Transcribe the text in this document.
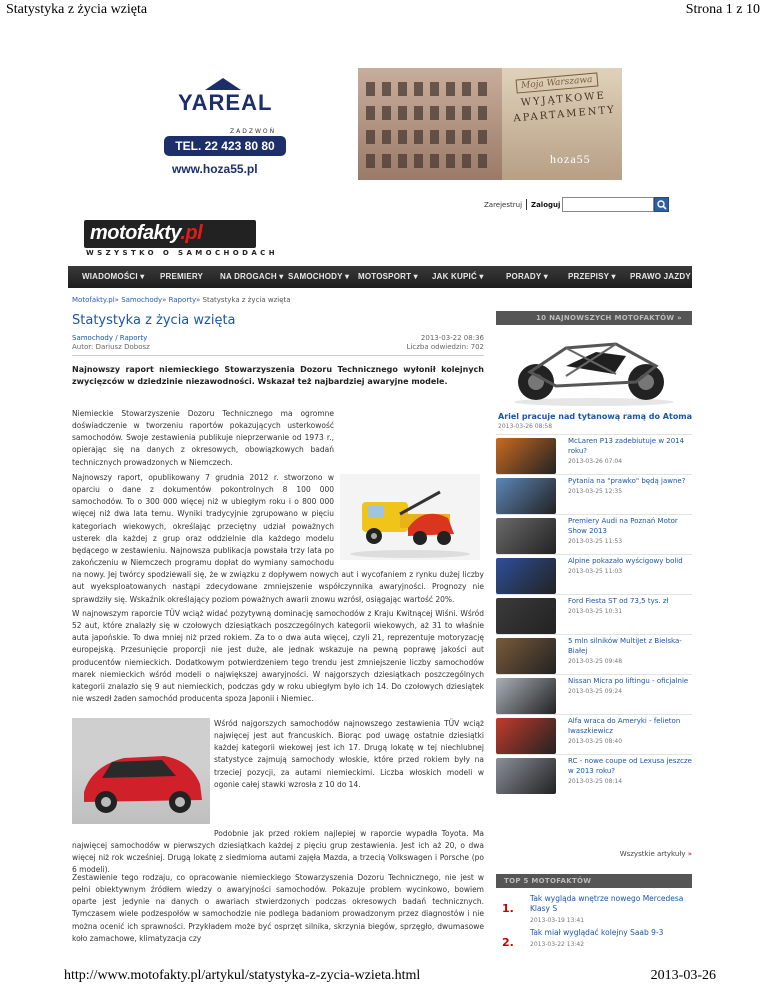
Statystyka z życia wzięta	Strona 1 z 10
YAREAL
ZADZWOŃ
TEL. 22 423 80 80
www.hoza55.pl
Moja Warszawa
WYJĄTKOWE APARTAMENTY
hoza55
Zarejestruj Zaloguj
motofakty.pl
WSZYSTKO O SAMOCHODACH
WIADOMOŚCI ▾ PREMIERY NA DROGACH ▾ SAMOCHODY ▾ MOTOSPORT ▾ JAK KUPIĆ ▾	PORADY ▾	PRZEPISY ▾ PRAWO JAZDY
Motofakty.pl» Samochody» Raporty» Statystyka z życia wzięta
Statystyka z życia wzięta
Samochody / Raporty
Autor: Dariusz Dobosz
2013-03-22 08:36
Liczba odwiedzin: 702
Najnowszy raport niemieckiego Stowarzyszenia Dozoru Technicznego wyłonił kolejnych zwycięzców w dziedzinie niezawodności. Wskazał też najbardziej awaryjne modele.
Niemieckie Stowarzyszenie Dozoru Technicznego ma ogromne doświadczenie w tworzeniu raportów pokazujących usterkowość samochodów. Swoje zestawienia publikuje nieprzerwanie od 1973 r., opierając się na danych z okresowych, obowiązkowych badań technicznych prowadzonych w Niemczech.
Najnowszy raport, opublikowany 7 grudnia 2012 r. stworzono w oparciu o dane z dokumentów pokontrolnych 8 100 000 samochodów. To o 300 000 więcej niż w ubiegłym roku i o 800 000 więcej niż dwa lata temu. Wyniki tradycyjnie zgrupowano w pięciu kategoriach wiekowych, określając przeciętny udział poważnych usterek dla każdej z grup oraz oddzielnie dla każdego modelu będącego w zestawieniu. Najnowsza publikacja powstała trzy lata po zakończeniu w Niemczech programu dopłat do wymiany samochodu na nowy. Jej twórcy spodziewali się, że w związku z dopływem nowych aut i wycofaniem z rynku dużej liczby aut wyeksploatowanych nastąpi zdecydowane zmniejszenie współczynnika awaryjności. Prognozy nie sprawdziły się. Wskaźnik określający poziom poważnych awarii znowu wzrósł, osiągając wartość 20%.
W najnowszym raporcie TÜV wciąż widać pozytywną dominację samochodów z Kraju Kwitnącej Wiśni. Wśród 52 aut, które znalazły się w czołowych dziesiątkach poszczególnych kategorii wiekowych, aż 31 to właśnie auta japońskie. To dwa mniej niż przed rokiem. Za to o dwa auta więcej, czyli 21, reprezentuje motoryzację europejską. Przesunięcie proporcji nie jest duże, ale jednak wskazuje na pewną poprawę jakości aut producentów niemieckich. Dodatkowym potwierdzeniem tego trendu jest zmniejszenie liczby samochodów marek niemieckich wśród modeli o największej awaryjności. W najgorszych dziesiątkach poszczególnych kategorii znalazło się 9 aut niemieckich, podczas gdy w roku ubiegłym było ich 14. Do czołowych dziesiątek nie wszedł żaden samochód producenta spoza Japonii i Niemiec.
Wśród najgorszych samochodów najnowszego zestawienia TÜV wciąż najwięcej jest aut francuskich. Biorąc pod uwagę ostatnie dziesiątki każdej kategorii wiekowej jest ich 17. Drugą lokatę w tej niechlubnej statystyce zajmują samochody włoskie, które przed rokiem były na trzeciej pozycji, za autami niemieckimi. Liczba włoskich modeli w ogonie całej stawki wzrosła z 10 do 14.
Podobnie jak przed rokiem najlepiej w raporcie wypadła Toyota. Ma najwięcej samochodów w pierwszych dziesiątkach każdej z pięciu grup zestawienia. Jest ich aż 20, o dwa więcej niż rok wcześniej. Drugą lokatę z siedmioma autami zajęła Mazda, a trzecią Volkswagen i Porsche (po 6 modeli).
Zestawienie tego rodzaju, co opracowanie niemieckiego Stowarzyszenia Dozoru Technicznego, nie jest w pełni obiektywnym źródłem wiedzy o awaryjności samochodów. Pokazuje problem wycinkowo, bowiem oparte jest jedynie na danych o awariach stwierdzonych podczas okresowych badań technicznych. Tymczasem wiele podzespołów w samochodzie nie podlega badaniom prowadzonym przez diagnostów i nie można ocenić ich sprawności. Przykładem może być osprzęt silnika, skrzynia biegów, sprzęgło, dwumasowe koło zamachowe, klimatyzacja czy
10 NAJNOWSZYCH MOTOFAKTÓW »
Ariel pracuje nad tytanową ramą do Atoma
2013-03-26 08:58
McLaren P13 zadebiutuje w 2014 roku?
2013-03-26 07:04
Pytania na "prawko" będą jawne?
2013-03-25 12:35
Premiery Audi na Poznań Motor Show 2013
2013-03-25 11:53
Alpine pokazało wyścigowy bolid
2013-03-25 11:03
Ford Fiesta ST od 73,5 tys. zł
2013-03-25 10:31
5 mln silników MultiJet z Bielska-Białej
2013-03-25 09:48
Nissan Micra po liftingu - oficjalnie
2013-03-25 09:24
Alfa wraca do Ameryki - felieton Iwaszkiewicz
2013-03-25 08:40
RC - nowe coupe od Lexusa jeszcze w 2013 roku?
2013-03-25 08:14
Wszystkie artykuły »
TOP 5 MOTOFAKTÓW
1.
Tak wygląda wnętrze nowego Mercedesa Klasy S
2013-03-19 13:41
2.
Tak miał wyglądać kolejny Saab 9-3
2013-03-22 13:42
http://www.motofakty.pl/artykul/statystyka-z-zycia-wzieta.html	2013-03-26
